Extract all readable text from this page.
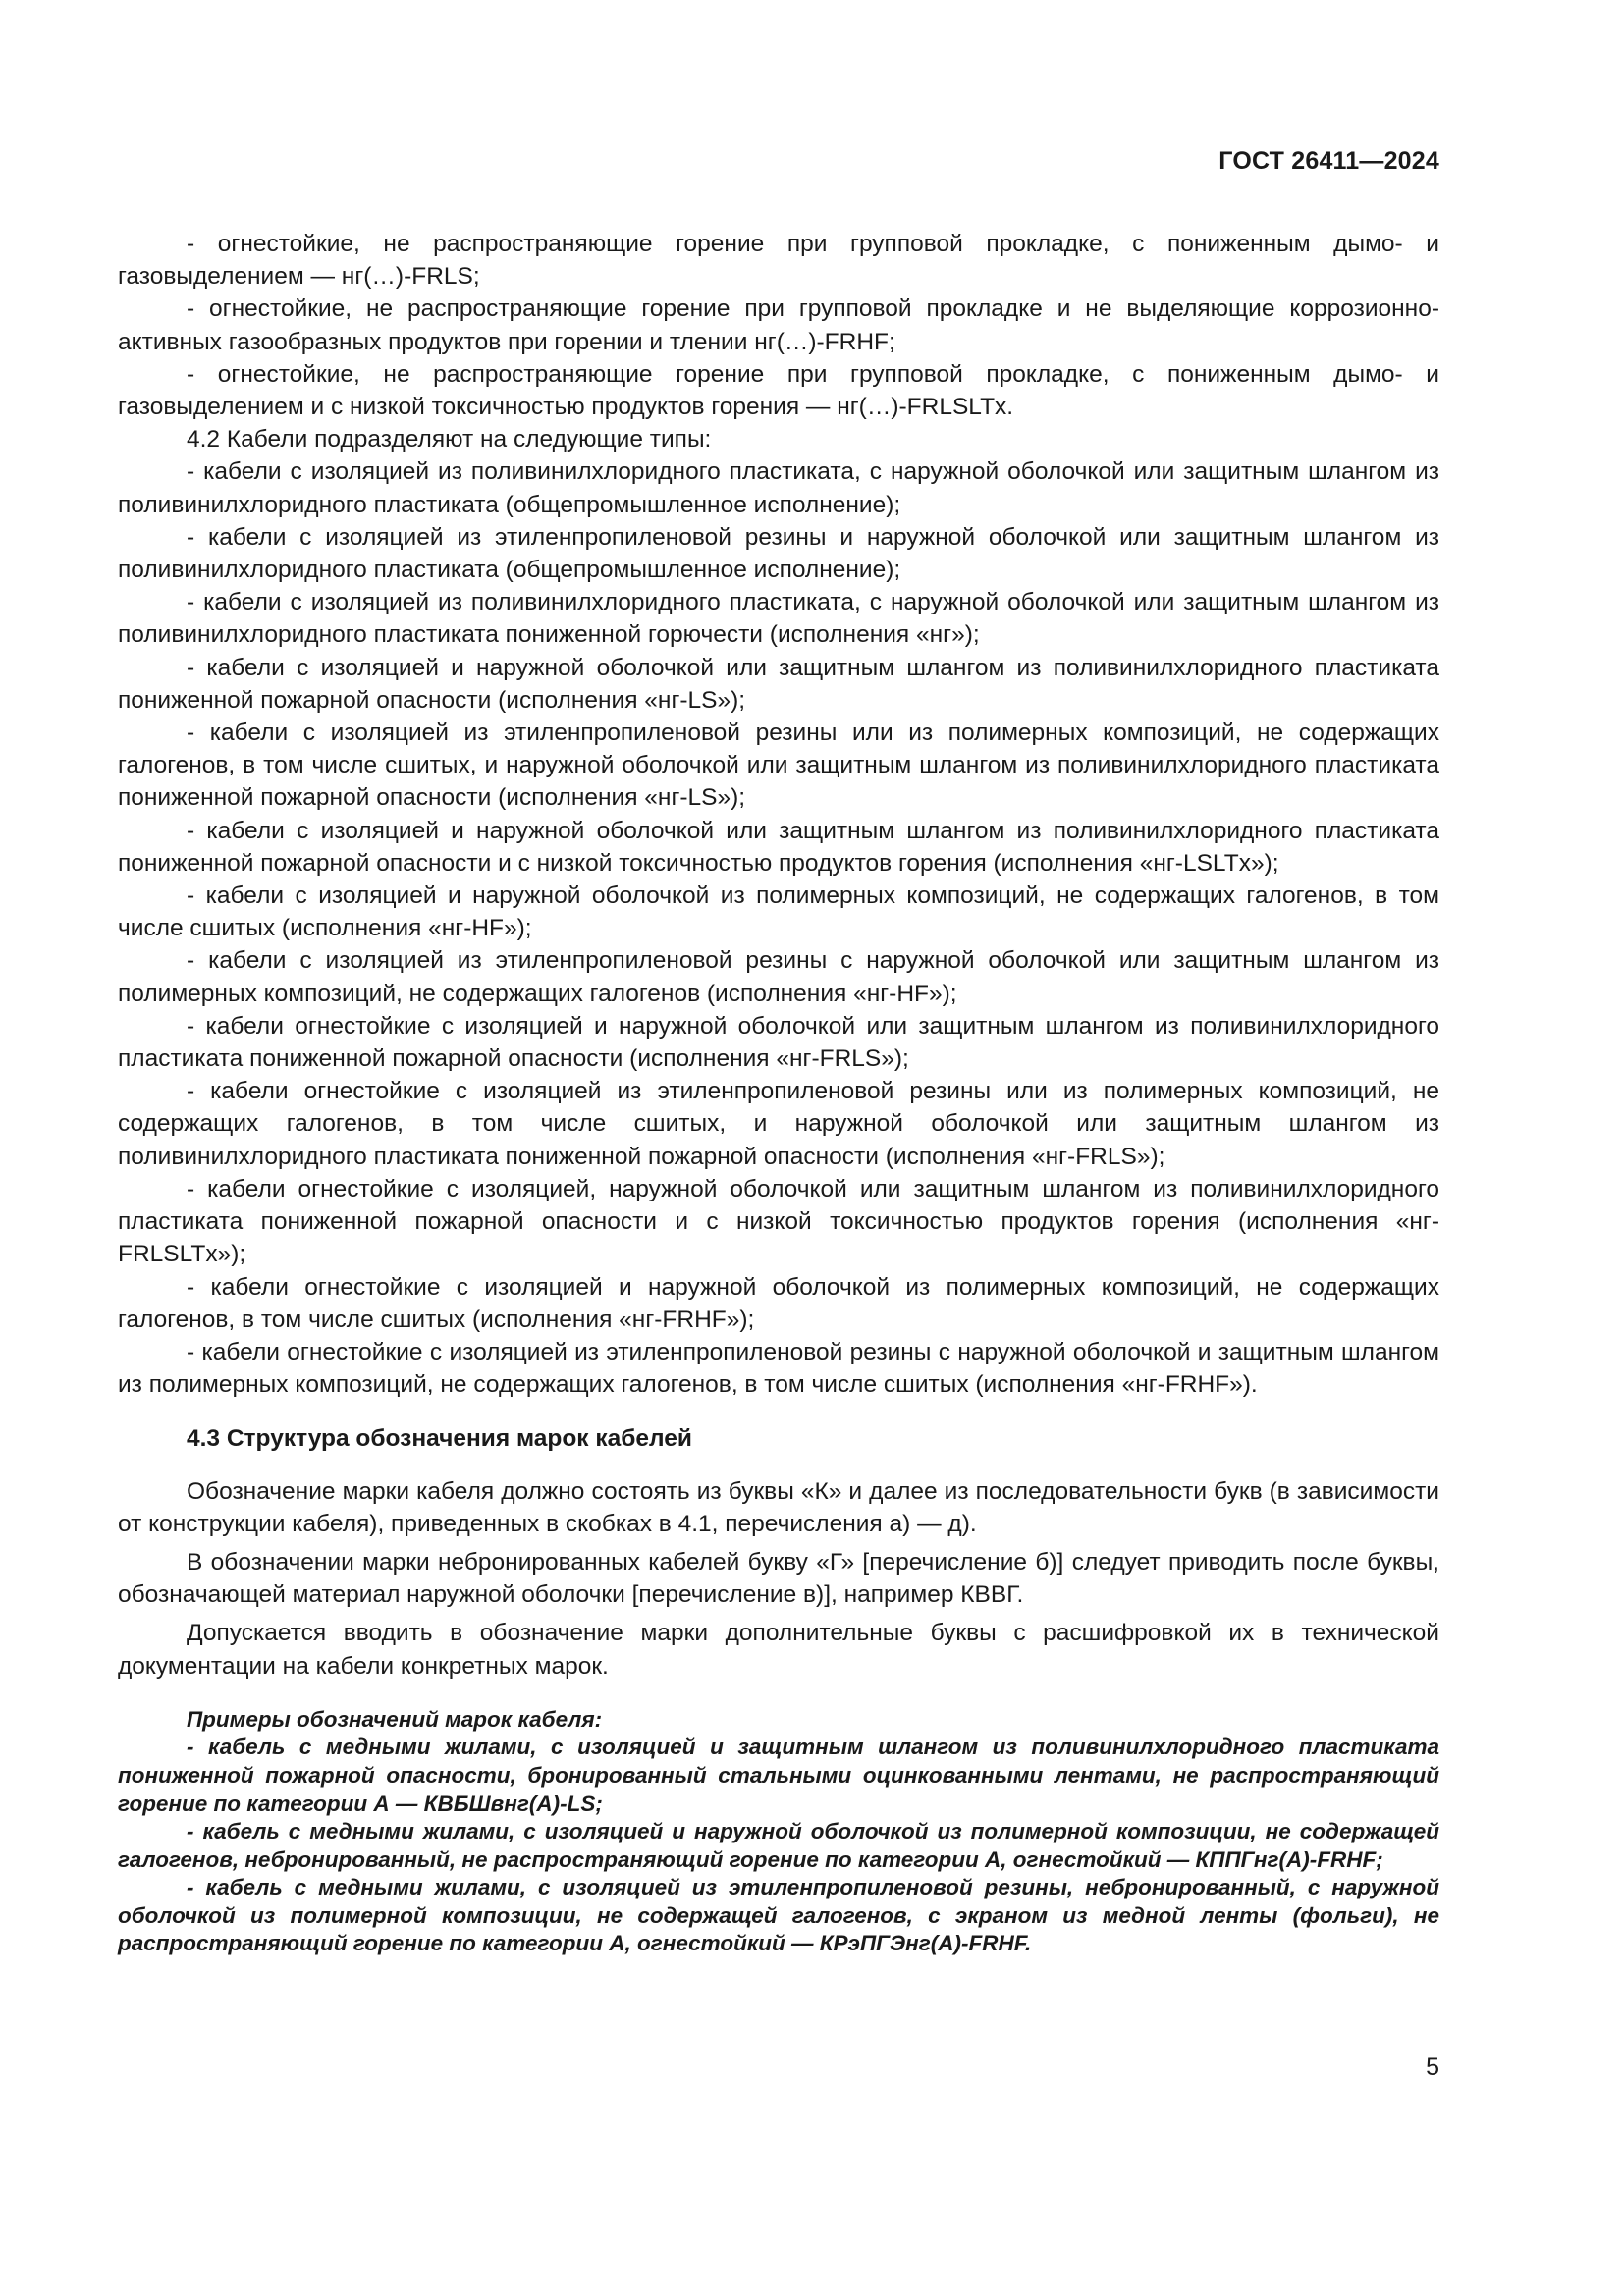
ГОСТ 26411—2024

- огнестойкие, не распространяющие горение при групповой прокладке, с пониженным дымо- и газовыделением — нг(…)-FRLS;

- огнестойкие, не распространяющие горение при групповой прокладке и не выделяющие коррозионно-активных газообразных продуктов при горении и тлении нг(…)-FRHF;

- огнестойкие, не распространяющие горение при групповой прокладке, с пониженным дымо- и газовыделением и с низкой токсичностью продуктов горения — нг(…)-FRLSLTx.

4.2 Кабели подразделяют на следующие типы:

- кабели с изоляцией из поливинилхлоридного пластиката, с наружной оболочкой или защитным шлангом из поливинилхлоридного пластиката (общепромышленное исполнение);

- кабели с изоляцией из этиленпропиленовой резины и наружной оболочкой или защитным шлангом из поливинилхлоридного пластиката (общепромышленное исполнение);

- кабели с изоляцией из поливинилхлоридного пластиката, с наружной оболочкой или защитным шлангом из поливинилхлоридного пластиката пониженной горючести (исполнения «нг»);

- кабели с изоляцией и наружной оболочкой или защитным шлангом из поливинилхлоридного пластиката пониженной пожарной опасности (исполнения «нг-LS»);

- кабели с изоляцией из этиленпропиленовой резины или из полимерных композиций, не содержащих галогенов, в том числе сшитых, и наружной оболочкой или защитным шлангом из поливинилхлоридного пластиката пониженной пожарной опасности (исполнения «нг-LS»);

- кабели с изоляцией и наружной оболочкой или защитным шлангом из поливинилхлоридного пластиката пониженной пожарной опасности и с низкой токсичностью продуктов горения (исполнения «нг-LSLTx»);

- кабели с изоляцией и наружной оболочкой из полимерных композиций, не содержащих галогенов, в том числе сшитых (исполнения «нг-HF»);

- кабели с изоляцией из этиленпропиленовой резины с наружной оболочкой или защитным шлангом из полимерных композиций, не содержащих галогенов (исполнения «нг-HF»);

- кабели огнестойкие с изоляцией и наружной оболочкой или защитным шлангом из поливинилхлоридного пластиката пониженной пожарной опасности (исполнения «нг-FRLS»);

- кабели огнестойкие с изоляцией из этиленпропиленовой резины или из полимерных композиций, не содержащих галогенов, в том числе сшитых, и наружной оболочкой или защитным шлангом из поливинилхлоридного пластиката пониженной пожарной опасности (исполнения «нг-FRLS»);

- кабели огнестойкие с изоляцией, наружной оболочкой или защитным шлангом из поливинилхлоридного пластиката пониженной пожарной опасности и с низкой токсичностью продуктов горения (исполнения «нг-FRLSLTx»);

- кабели огнестойкие с изоляцией и наружной оболочкой из полимерных композиций, не содержащих галогенов, в том числе сшитых (исполнения «нг-FRHF»);

- кабели огнестойкие с изоляцией из этиленпропиленовой резины с наружной оболочкой и защитным шлангом из полимерных композиций, не содержащих галогенов, в том числе сшитых (исполнения «нг-FRHF»).

4.3 Структура обозначения марок кабелей

Обозначение марки кабеля должно состоять из буквы «К» и далее из последовательности букв (в зависимости от конструкции кабеля), приведенных в скобках в 4.1, перечисления а) — д).

В обозначении марки небронированных кабелей букву «Г» [перечисление б)] следует приводить после буквы, обозначающей материал наружной оболочки [перечисление в)], например КВВГ.

Допускается вводить в обозначение марки дополнительные буквы с расшифровкой их в технической документации на кабели конкретных марок.

Примеры обозначений марок кабеля:

- кабель с медными жилами, с изоляцией и защитным шлангом из поливинилхлоридного пластиката пониженной пожарной опасности, бронированный стальными оцинкованными лентами, не распространяющий горение по категории А — КВБШвнг(А)-LS;

- кабель с медными жилами, с изоляцией и наружной оболочкой из полимерной композиции, не содержащей галогенов, небронированный, не распространяющий горение по категории А, огнестойкий — КППГнг(А)-FRHF;

- кабель с медными жилами, с изоляцией из этиленпропиленовой резины, небронированный, с наружной оболочкой из полимерной композиции, не содержащей галогенов, с экраном из медной ленты (фольги), не распространяющий горение по категории А, огнестойкий — КРэПГЭнг(А)-FRHF.

5
